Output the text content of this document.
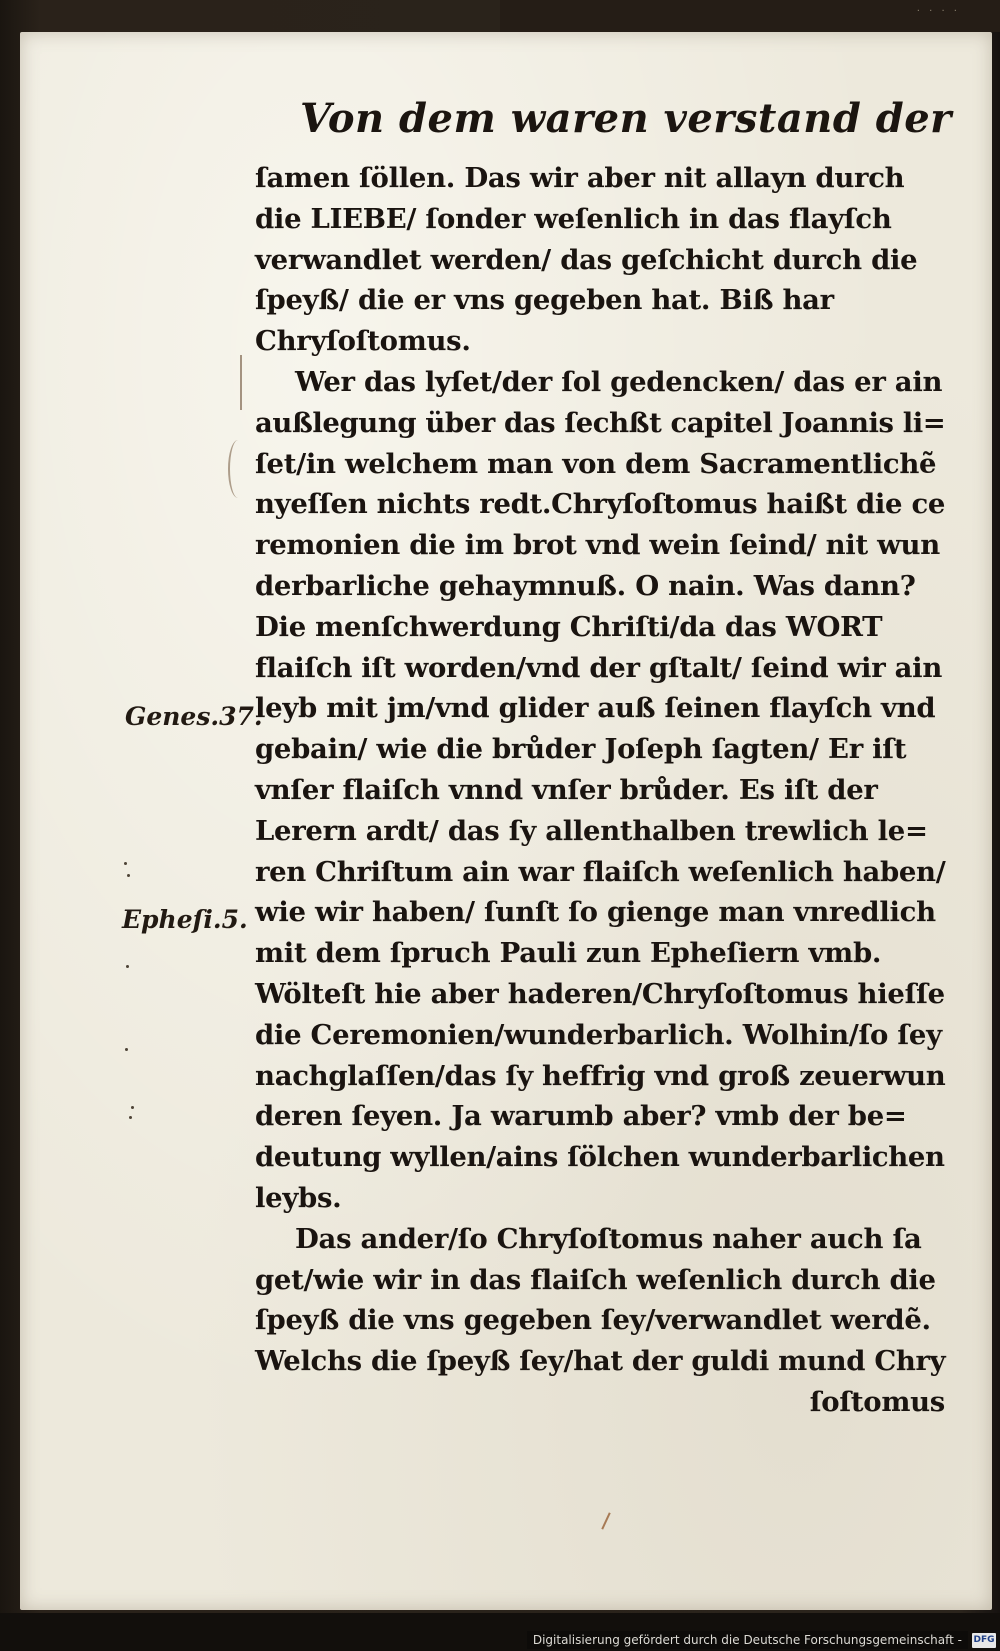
· · · ·
Von dem waren verstand der
ſamen ſöllen. Das wir aber nit allayn durch
die LIEBE/ ſonder weſenlich in das flayſch
verwandlet werden/ das geſchicht durch die
ſpeyß/ die er vns gegeben hat. Biß har
Chryſoſtomus.
Wer das lyſet/der ſol gedencken/ das er ain
außlegung über das ſechßt capitel Joannis li=
ſet/in welchem man von dem Sacramentlichẽ
nyeſſen nichts redt.Chryſoſtomus haißt die ce
remonien die im brot vnd wein ſeind/ nit wun
derbarliche gehaymnuß. O nain. Was dann?
Die menſchwerdung Chriſti/da das WORT
flaiſch iſt worden/vnd der gſtalt/ ſeind wir ain
leyb mit jm/vnd glider auß ſeinen flayſch vnd
gebain/ wie die brůder Joſeph ſagten/ Er iſt
vnſer flaiſch vnnd vnſer brůder. Es iſt der
Lerern ardt/ das ſy allenthalben trewlich le=
ren Chriſtum ain war flaiſch weſenlich haben/
wie wir haben/ ſunſt ſo gienge man vnredlich
mit dem ſpruch Pauli zun Epheſiern vmb.
Wölteſt hie aber haderen/Chryſoſtomus hieſſe
die Ceremonien/wunderbarlich. Wolhin/ſo ſey
nachglaſſen/das ſy heffrig vnd groß zeuerwun
deren ſeyen. Ja warumb aber? vmb der be=
deutung wyllen/ains ſölchen wunderbarlichen
leybs.
Das ander/ſo Chryſoſtomus naher auch ſa
get/wie wir in das flaiſch weſenlich durch die
ſpeyß die vns gegeben ſey/verwandlet werdẽ.
Welchs die ſpeyß ſey/hat der guldi mund Chry
ſoſtomus
Genes.37.
Epheſi.5.
Digitalisierung gefördert durch die Deutsche Forschungsgemeinschaft -	DFG
